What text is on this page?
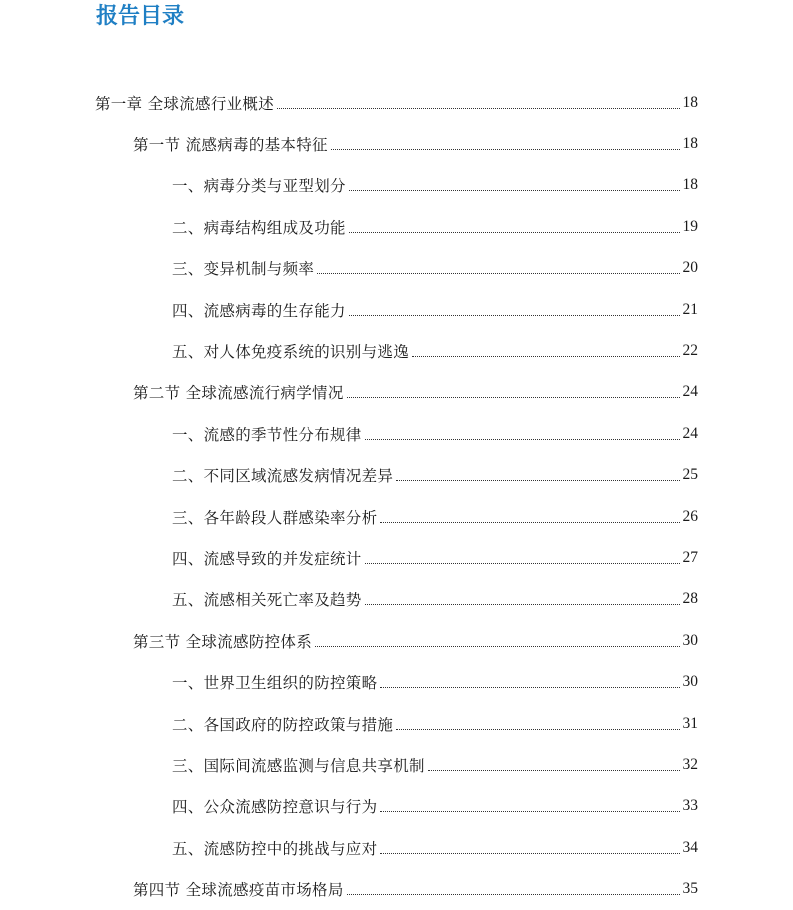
报告目录
第一章 全球流感行业概述	18
第一节 流感病毒的基本特征	18
一、病毒分类与亚型划分	18
二、病毒结构组成及功能	19
三、变异机制与频率	20
四、流感病毒的生存能力	21
五、对人体免疫系统的识别与逃逸	22
第二节 全球流感流行病学情况	24
一、流感的季节性分布规律	24
二、不同区域流感发病情况差异	25
三、各年龄段人群感染率分析	26
四、流感导致的并发症统计	27
五、流感相关死亡率及趋势	28
第三节 全球流感防控体系	30
一、世界卫生组织的防控策略	30
二、各国政府的防控政策与措施	31
三、国际间流感监测与信息共享机制	32
四、公众流感防控意识与行为	33
五、流感防控中的挑战与应对	34
第四节 全球流感疫苗市场格局	35
